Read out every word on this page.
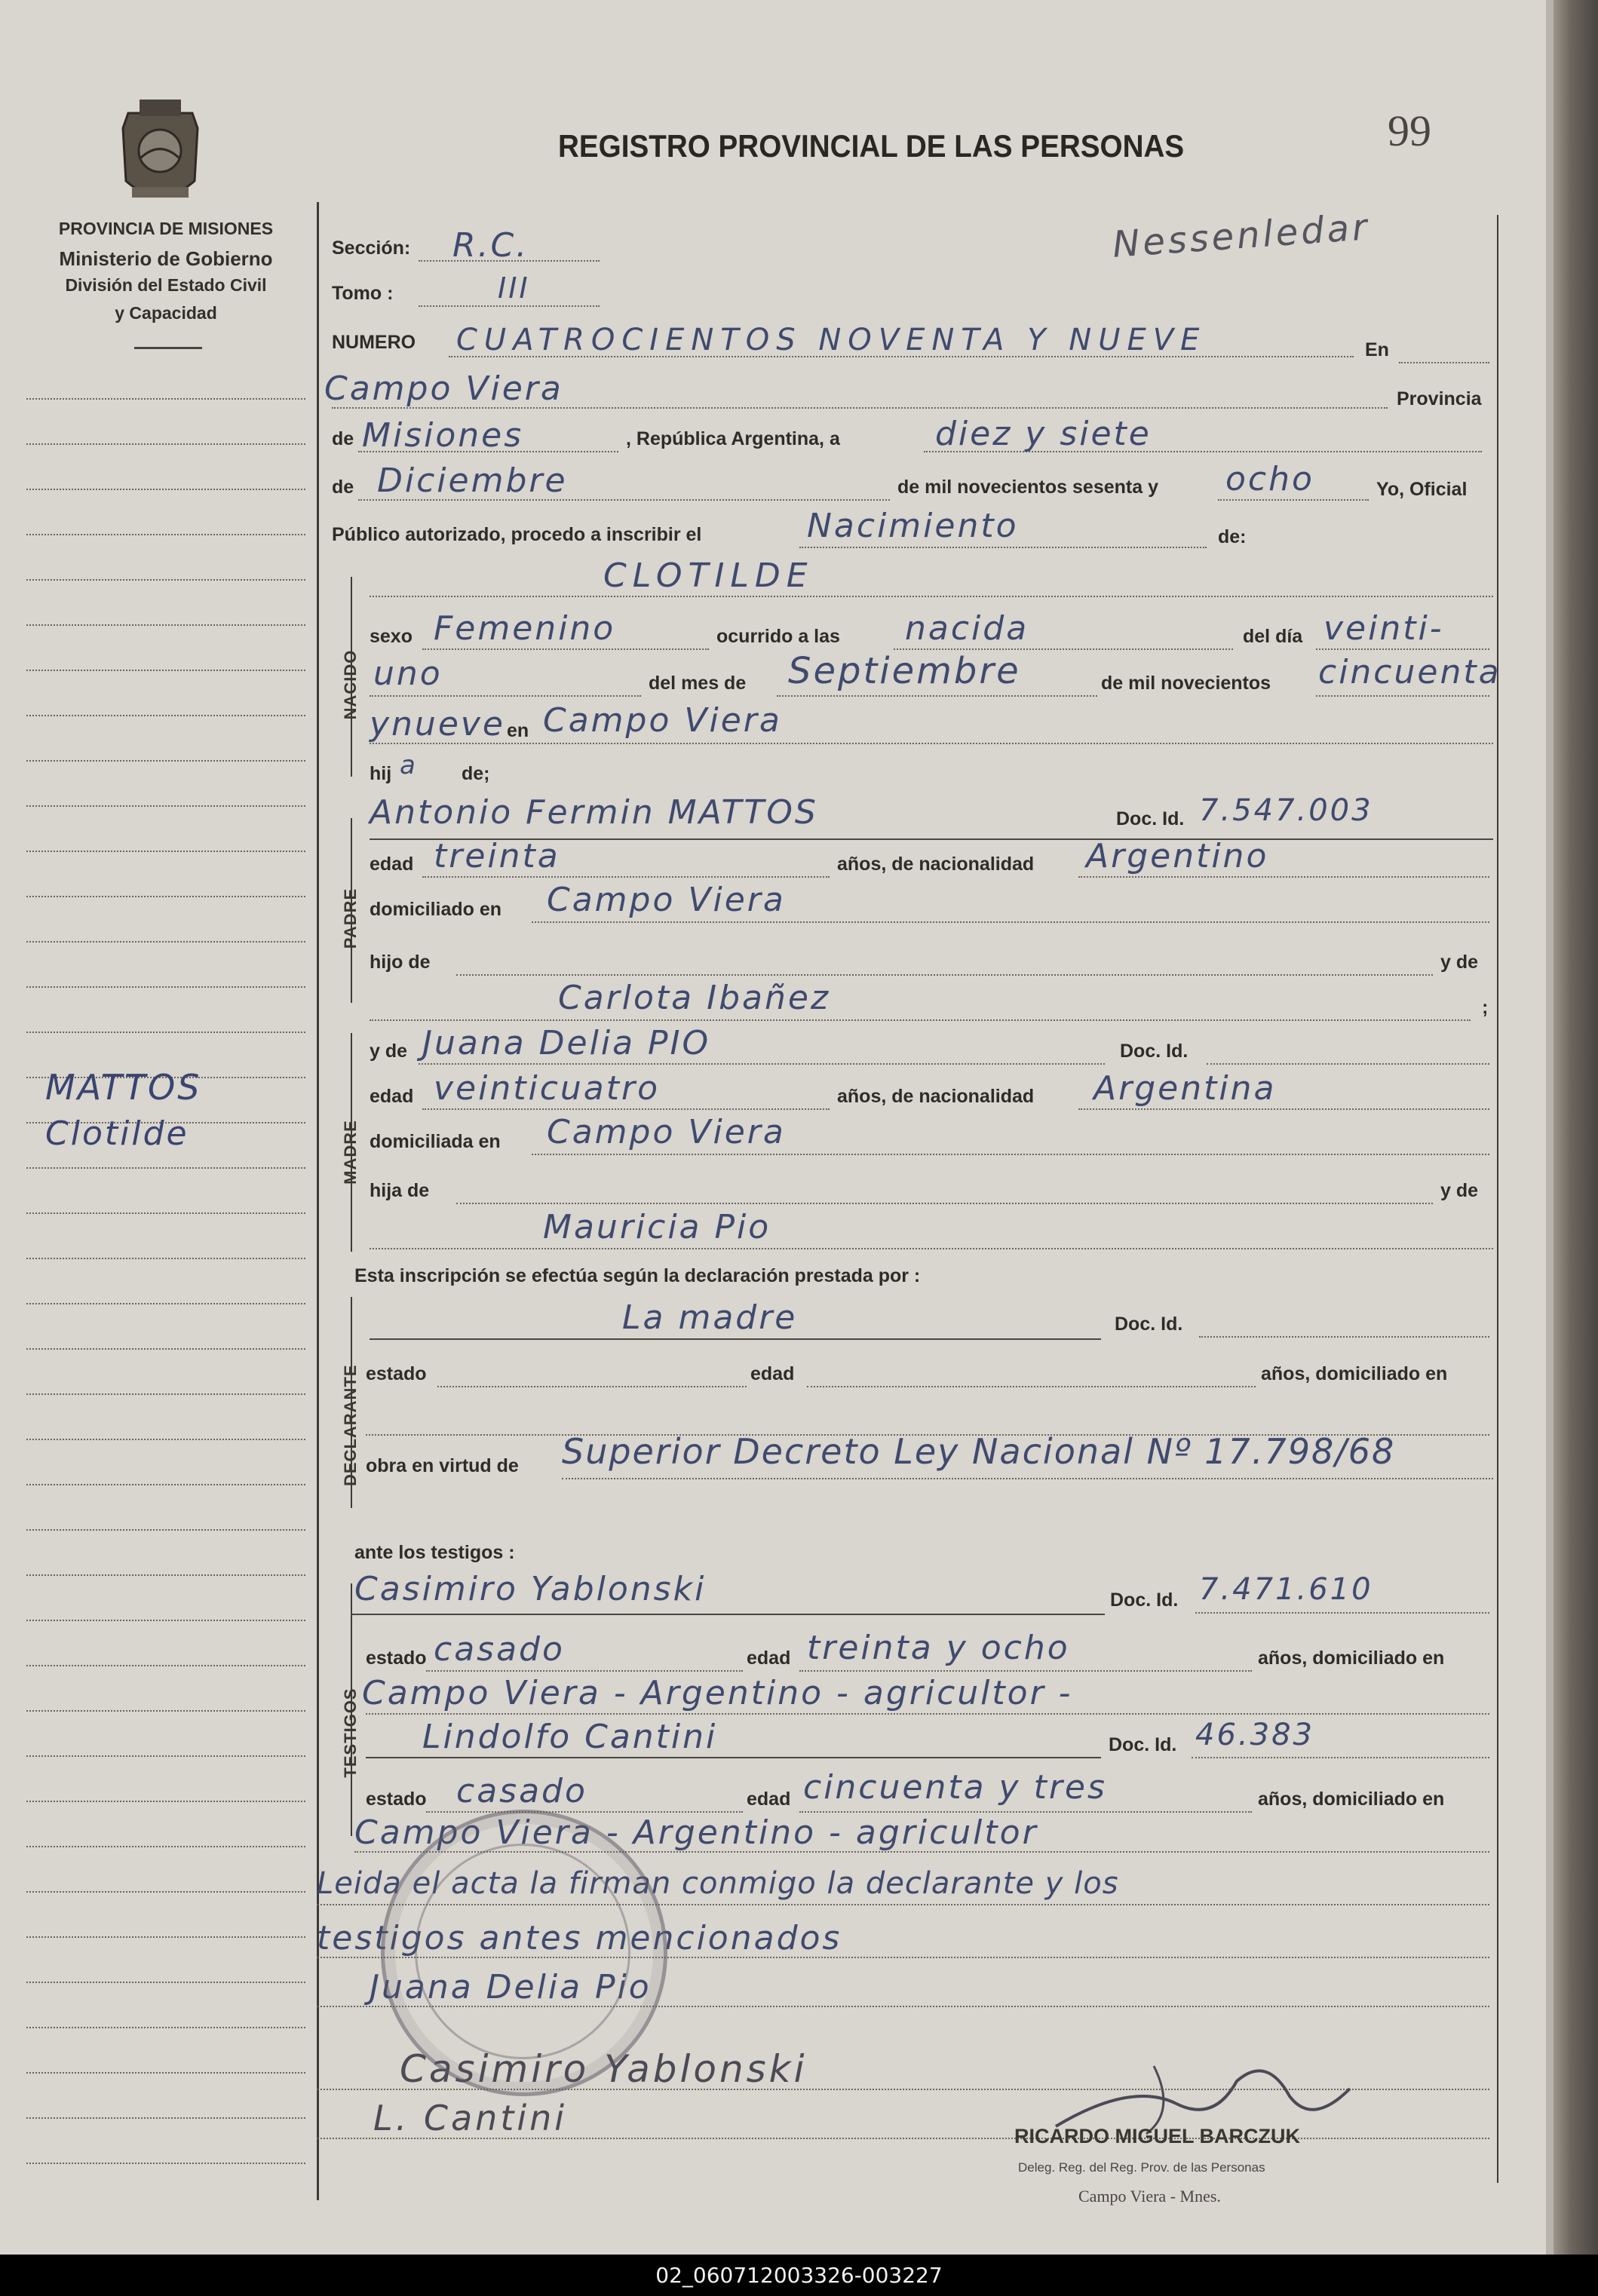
PROVINCIA DE MISIONES
Ministerio de Gobierno
División del Estado Civil
y Capacidad
MATTOS
Clotilde
REGISTRO PROVINCIAL DE LAS PERSONAS	99
Nessenledar
Sección: R.C.
Tomo :	III
NUMERO CUATROCIENTOS NOVENTA Y NUEVE	En
Campo Viera	Provincia
de Misiones	, República Argentina, a	diez y siete
de Diciembre	de mil novecientos sesenta y ocho	Yo, Oficial
Público autorizado, procedo a inscribir el	Nacimiento	de:
NACIDO
CLOTILDE
sexo Femenino	ocurrido a las nacida	del día veinti-
uno	del mes de Septiembre	de mil novecientos cincuenta
ynueve en Campo Viera
hij a de;
PADRE
Antonio Fermin MATTOS	Doc. Id. 7.547.003
edad treinta	años, de nacionalidad Argentino
domiciliado en Campo Viera
hijo de	y de
Carlota Ibañez	;
MADRE
y de Juana Delia PIO	Doc. Id.
edad veinticuatro	años, de nacionalidad Argentina
domiciliada en Campo Viera
hija de	y de
Mauricia Pio
Esta inscripción se efectúa según la declaración prestada por :
DECLARANTE
La madre	Doc. Id.
estado	edad	años, domiciliado en
obra en virtud de Superior Decreto Ley Nacional Nº 17.798/68
ante los testigos :
TESTIGOS
Casimiro Yablonski	Doc. Id. 7.471.610
estado casado	edad treinta y ocho	años, domiciliado en
Campo Viera - Argentino - agricultor -
Lindolfo Cantini	Doc. Id. 46.383
estado casado	edad cincuenta y tres	años, domiciliado en
Campo Viera - Argentino - agricultor
Leida el acta la firman conmigo la declarante y los
testigos antes mencionados
Juana Delia Pio
Casimiro Yablonski
L. Cantini	RICARDO MIGUEL BARCZUK
Deleg. Reg. del Reg. Prov. de las Personas
Campo Viera - Mnes.
02_060712003326-003227
